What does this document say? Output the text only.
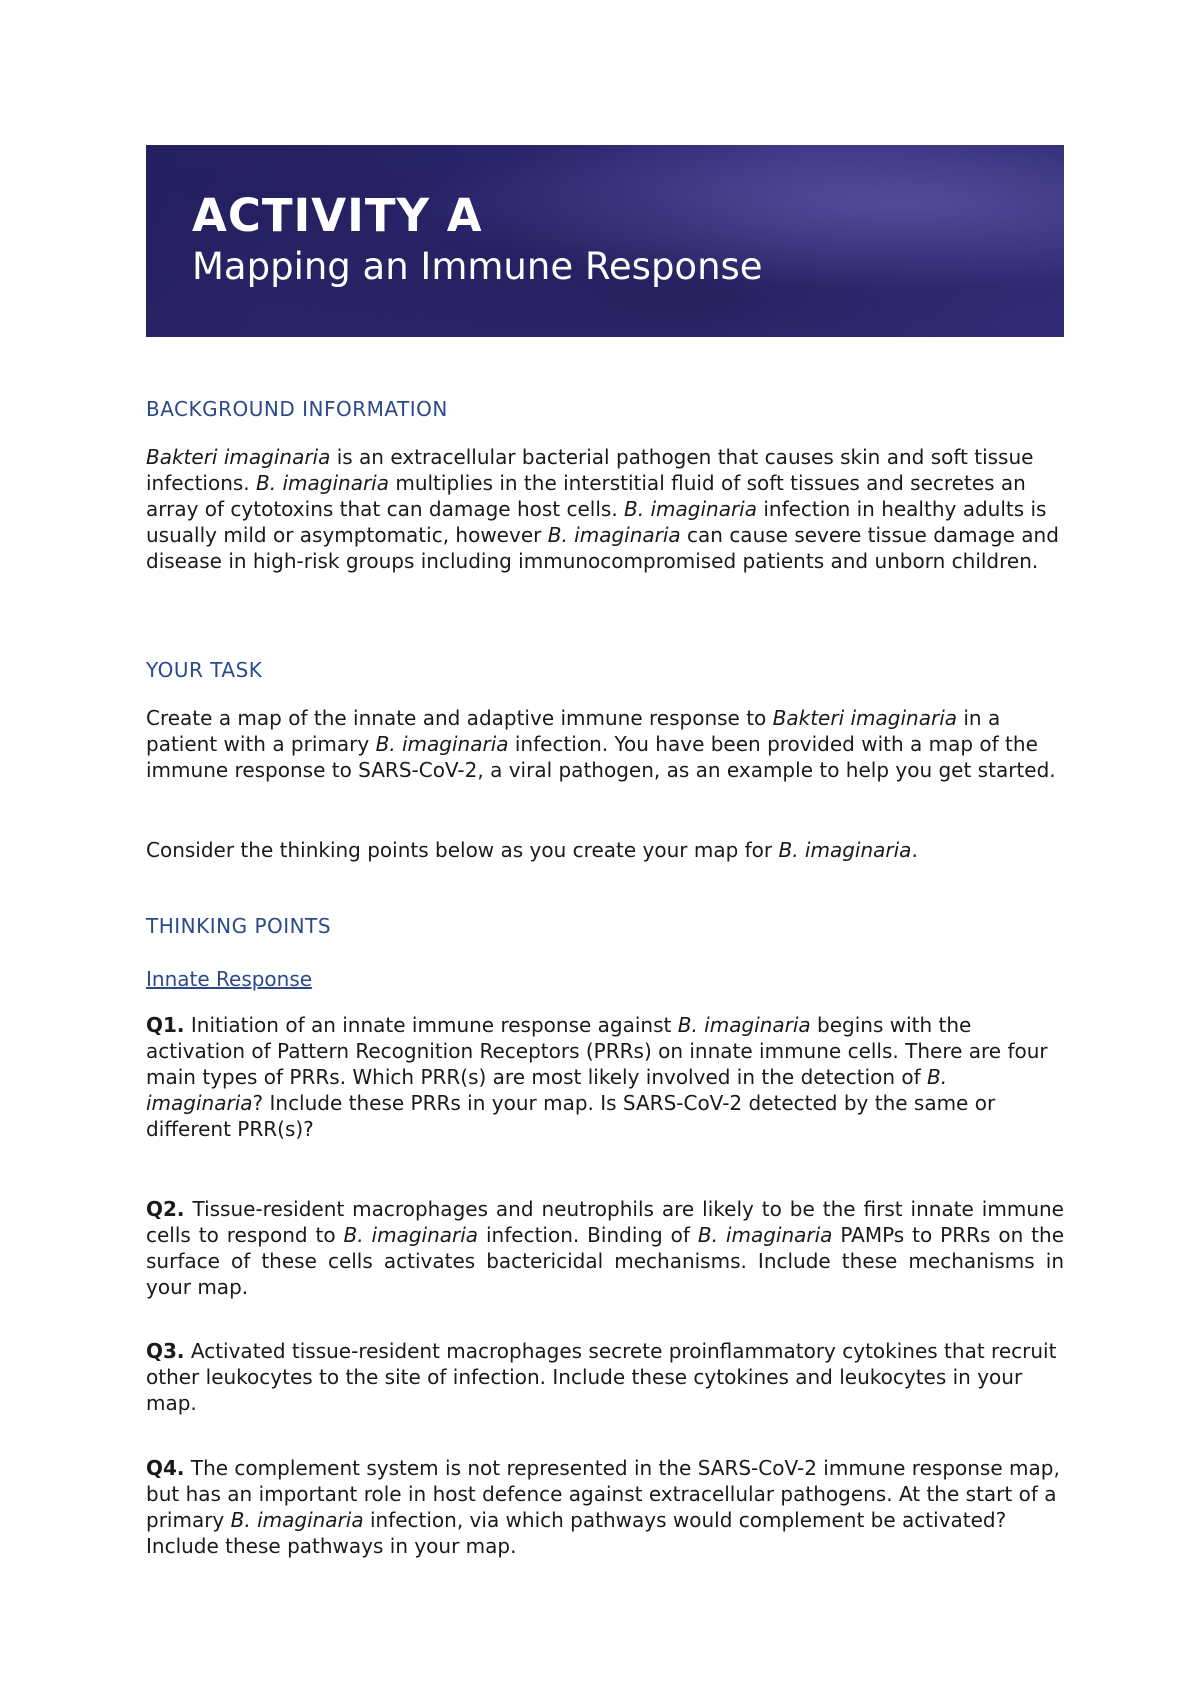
ACTIVITY A
Mapping an Immune Response
BACKGROUND INFORMATION
Bakteri imaginaria is an extracellular bacterial pathogen that causes skin and soft tissue infections. B. imaginaria multiplies in the interstitial fluid of soft tissues and secretes an array of cytotoxins that can damage host cells. B. imaginaria infection in healthy adults is usually mild or asymptomatic, however B. imaginaria can cause severe tissue damage and disease in high-risk groups including immunocompromised patients and unborn children.
YOUR TASK
Create a map of the innate and adaptive immune response to Bakteri imaginaria in a patient with a primary B. imaginaria infection. You have been provided with a map of the immune response to SARS-CoV-2, a viral pathogen, as an example to help you get started.
Consider the thinking points below as you create your map for B. imaginaria.
THINKING POINTS
Innate Response
Q1. Initiation of an innate immune response against B. imaginaria begins with the activation of Pattern Recognition Receptors (PRRs) on innate immune cells. There are four main types of PRRs. Which PRR(s) are most likely involved in the detection of B. imaginaria? Include these PRRs in your map. Is SARS-CoV-2 detected by the same or different PRR(s)?
Q2. Tissue-resident macrophages and neutrophils are likely to be the first innate immune cells to respond to B. imaginaria infection. Binding of B. imaginaria PAMPs to PRRs on the surface of these cells activates bactericidal mechanisms. Include these mechanisms in your map.
Q3. Activated tissue-resident macrophages secrete proinflammatory cytokines that recruit other leukocytes to the site of infection. Include these cytokines and leukocytes in your map.
Q4. The complement system is not represented in the SARS-CoV-2 immune response map, but has an important role in host defence against extracellular pathogens. At the start of a primary B. imaginaria infection, via which pathways would complement be activated? Include these pathways in your map.
